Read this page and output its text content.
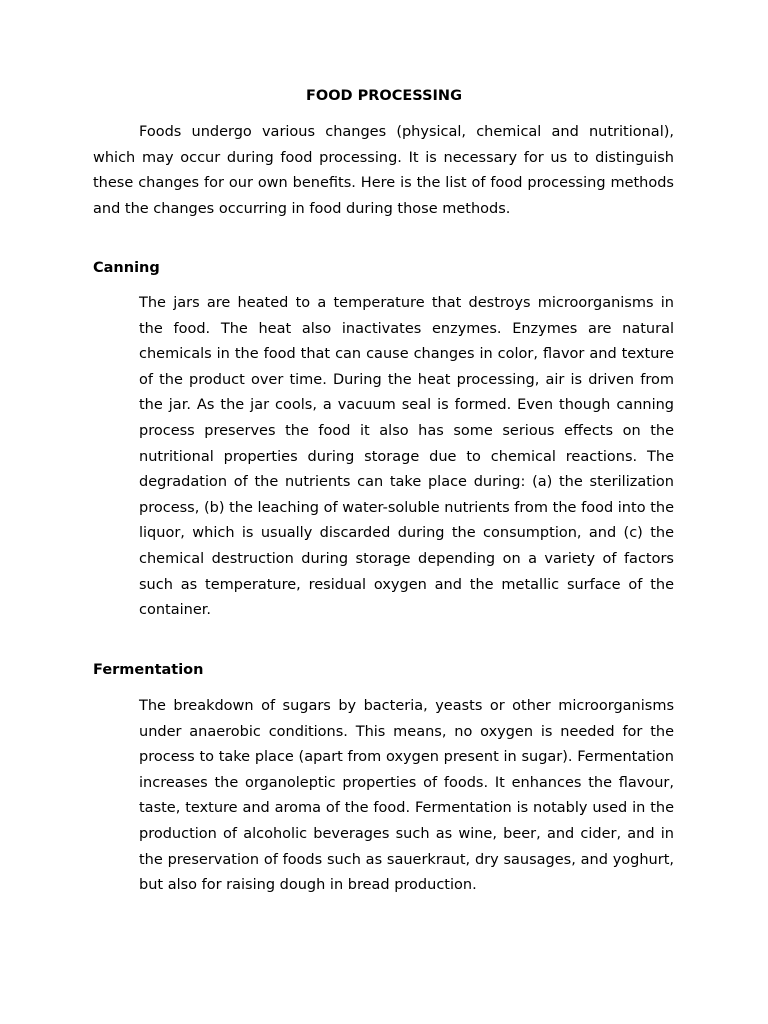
FOOD PROCESSING

Foods undergo various changes (physical, chemical and nutritional), which may occur during food processing. It is necessary for us to distinguish these changes for our own benefits. Here is the list of food processing methods and the changes occurring in food during those methods.

Canning

The jars are heated to a temperature that destroys microorganisms in the food. The heat also inactivates enzymes. Enzymes are natural chemicals in the food that can cause changes in color, flavor and texture of the product over time. During the heat processing, air is driven from the jar. As the jar cools, a vacuum seal is formed. Even though canning process preserves the food it also has some serious effects on the nutritional properties during storage due to chemical reactions. The degradation of the nutrients can take place during: (a) the sterilization process, (b) the leaching of water-soluble nutrients from the food into the liquor, which is usually discarded during the consumption, and (c) the chemical destruction during storage depending on a variety of factors such as temperature, residual oxygen and the metallic surface of the container.

Fermentation

The breakdown of sugars by bacteria, yeasts or other microorganisms under anaerobic conditions. This means, no oxygen is needed for the process to take place (apart from oxygen present in sugar). Fermentation increases the organoleptic properties of foods. It enhances the flavour, taste, texture and aroma of the food. Fermentation is notably used in the production of alcoholic beverages such as wine, beer, and cider, and in the preservation of foods such as sauerkraut, dry sausages, and yoghurt, but also for raising dough in bread production.
